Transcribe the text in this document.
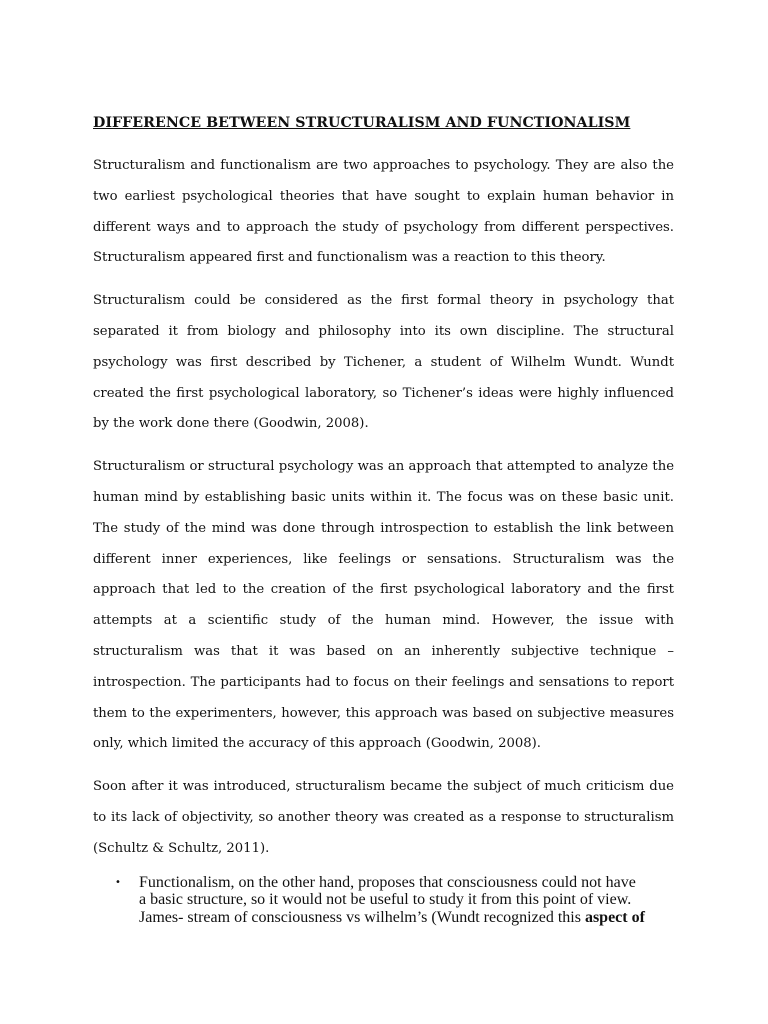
DIFFERENCE BETWEEN STRUCTURALISM AND FUNCTIONALISM

Structuralism and functionalism are two approaches to psychology. They are also the two earliest psychological theories that have sought to explain human behavior in different ways and to approach the study of psychology from different perspectives. Structuralism appeared first and functionalism was a reaction to this theory.

Structuralism could be considered as the first formal theory in psychology that separated it from biology and philosophy into its own discipline. The structural psychology was first described by Tichener, a student of Wilhelm Wundt. Wundt created the first psychological laboratory, so Tichener’s ideas were highly influenced by the work done there (Goodwin, 2008).

Structuralism or structural psychology was an approach that attempted to analyze the human mind by establishing basic units within it. The focus was on these basic unit. The study of the mind was done through introspection to establish the link between different inner experiences, like feelings or sensations. Structuralism was the approach that led to the creation of the first psychological laboratory and the first attempts at a scientific study of the human mind. However, the issue with structuralism was that it was based on an inherently subjective technique – introspection. The participants had to focus on their feelings and sensations to report them to the experimenters, however, this approach was based on subjective measures only, which limited the accuracy of this approach (Goodwin, 2008).

Soon after it was introduced, structuralism became the subject of much criticism due to its lack of objectivity, so another theory was created as a response to structuralism (Schultz & Schultz, 2011).

• Functionalism, on the other hand, proposes that consciousness could not have
a basic structure, so it would not be useful to study it from this point of view.
James- stream of consciousness vs wilhelm’s (Wundt recognized this aspect of
